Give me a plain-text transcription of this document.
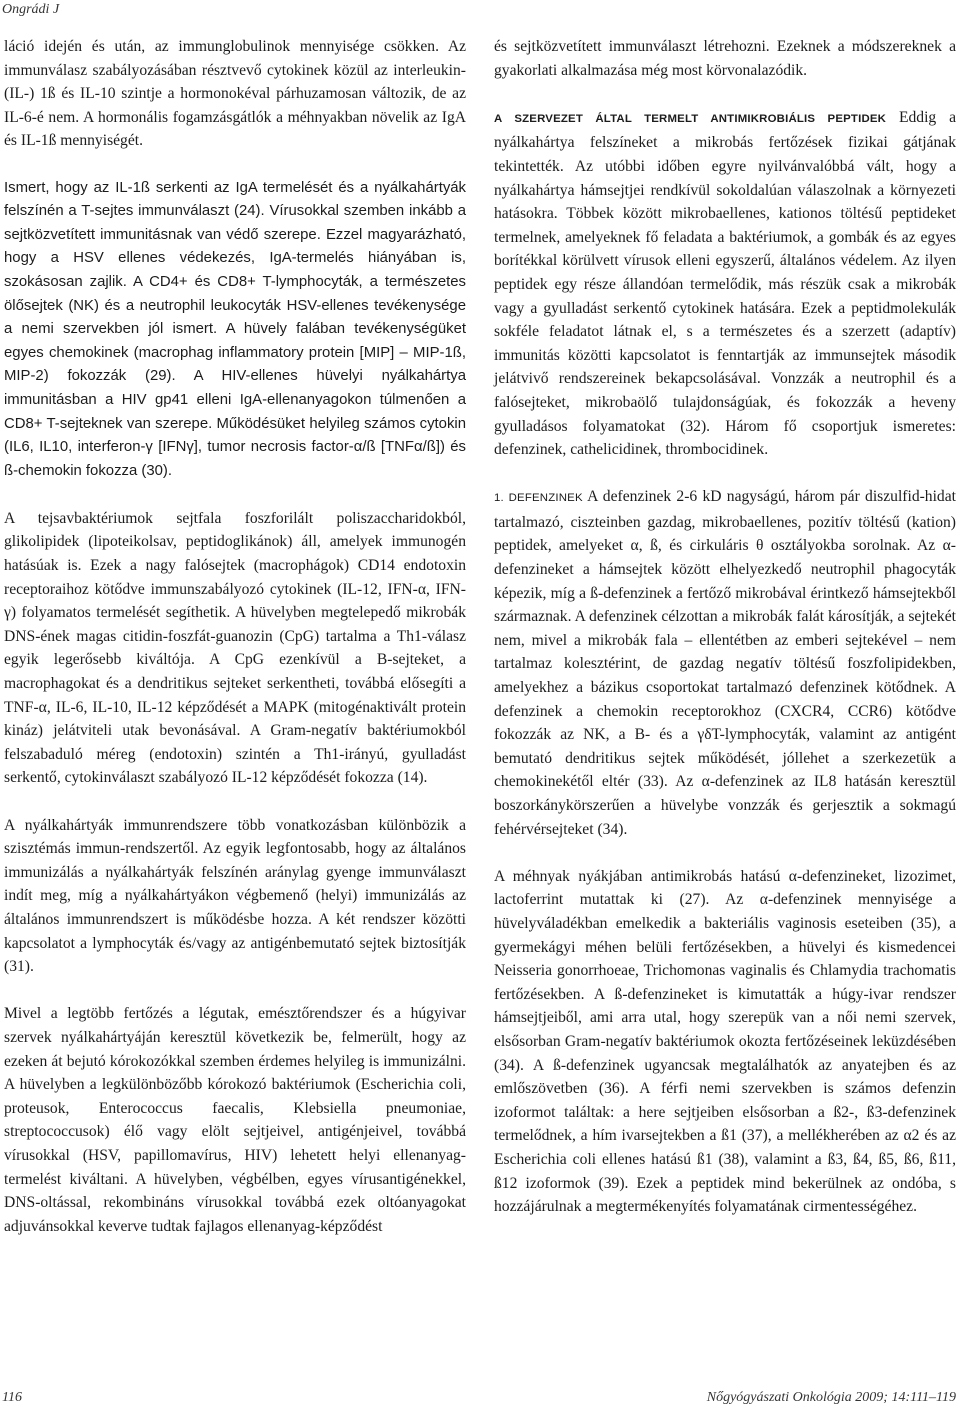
Ongrádi J

láció idején és után, az immunglobulinok mennyisége csökken. Az immunválasz szabályozásában résztvevő cytokinek közül az interleukin- (IL-) 1ß és IL-10 szintje a hormonokéval párhuzamosan változik, de az IL-6-é nem. A hormonális fogamzásgátlók a méhnyakban növelik az IgA és IL-1ß mennyiségét.

Ismert, hogy az IL-1ß serkenti az IgA termelését és a nyálkahártyák felszínén a T-sejtes immunválaszt (24). Vírusokkal szemben inkább a sejtközvetített immunitásnak van védő szerepe. Ezzel magyarázható, hogy a HSV ellenes védekezés, IgA-termelés hiányában is, szokásosan zajlik. A CD4+ és CD8+ T-lymphocyták, a természetes ölősejtek (NK) és a neutrophil leukocyták HSV-ellenes tevékenysége a nemi szervekben jól ismert. A hüvely falában tevékenységüket egyes chemokinek (macrophag inflammatory protein [MIP] – MIP-1ß, MIP-2) fokozzák (29). A HIV-ellenes hüvelyi nyálkahártya immunitásban a HIV gp41 elleni IgA-ellenanyagokon túlmenően a CD8+ T-sejteknek van szerepe. Működésüket helyileg számos cytokin (IL6, IL10, interferon-γ [IFNγ], tumor necrosis factor-α/ß [TNFα/ß]) és ß-chemokin fokozza (30).

A tejsavbaktériumok sejtfala foszforilált poliszaccharidokból, glikolipidek (lipoteikolsav, peptidoglikánok) áll, amelyek immunogén hatásúak is. Ezek a nagy falósejtek (macrophágok) CD14 endotoxin receptoraihoz kötődve immunszabályozó cytokinek (IL-12, IFN-α, IFN-γ) folyamatos termelését segíthetik. A hüvelyben megtelepedő mikrobák DNS-ének magas citidin-foszfát-guanozin (CpG) tartalma a Th1-válasz egyik legerősebb kiváltója. A CpG ezenkívül a B-sejteket, a macrophagokat és a dendritikus sejteket serkentheti, továbbá elősegíti a TNF-α, IL-6, IL-10, IL-12 képződését a MAPK (mitogénaktivált protein kináz) jelátviteli utak bevonásával. A Gram-negatív baktériumokból felszabaduló méreg (endotoxin) szintén a Th1-irányú, gyulladást serkentő, cytokinválaszt szabályozó IL-12 képződését fokozza (14).

A nyálkahártyák immunrendszere több vonatkozásban különbözik a szisztémás immun-rendszertől. Az egyik legfontosabb, hogy az általános immunizálás a nyálkahártyák felszínén aránylag gyenge immunválaszt indít meg, míg a nyálkahártyákon végbemenő (helyi) immunizálás az általános immunrendszert is működésbe hozza. A két rendszer közötti kapcsolatot a lymphocyták és/vagy az antigénbemutató sejtek biztosítják (31).

Mivel a legtöbb fertőzés a légutak, emésztőrendszer és a húgyivar szervek nyálkahártyáján keresztül következik be, felmerült, hogy az ezeken át bejutó kórokozókkal szemben érdemes helyileg is immunizálni. A hüvelyben a legkülönbözőbb kórokozó baktériumok (Escherichia coli, proteusok, Enterococcus faecalis, Klebsiella pneumoniae, streptococcusok) élő vagy elölt sejtjeivel, antigénjeivel, továbbá vírusokkal (HSV, papillomavírus, HIV) lehetett helyi ellenanyag-termelést kiváltani. A hüvelyben, végbélben, egyes vírusantigénekkel, DNS-oltással, rekombináns vírusokkal továbbá ezek oltóanyagokat adjuvánsokkal keverve tudtak fajlagos ellenanyag-képződést

és sejtközvetített immunválaszt létrehozni. Ezeknek a módszereknek a gyakorlati alkalmazása még most körvonalazódik.

A SZERVEZET ÁLTAL TERMELT ANTIMIKROBIÁLIS PEPTIDEK Eddig a nyálkahártya felszíneket a mikrobás fertőzések fizikai gátjának tekintették. Az utóbbi időben egyre nyilvánvalóbbá vált, hogy a nyálkahártya hámsejtjei rendkívül sokoldalúan válaszolnak a környezeti hatásokra. Többek között mikrobaellenes, kationos töltésű peptideket termelnek, amelyeknek fő feladata a baktériumok, a gombák és az egyes borítékkal körülvett vírusok elleni egyszerű, általános védelem. Az ilyen peptidek egy része állandóan termelődik, más részük csak a mikrobák vagy a gyulladást serkentő cytokinek hatására. Ezek a peptidmolekulák sokféle feladatot látnak el, s a természetes és a szerzett (adaptív) immunitás közötti kapcsolatot is fenntartják az immunsejtek második jelátvivő rendszereinek bekapcsolásával. Vonzzák a neutrophil és a falósejteket, mikrobaölő tulajdonságúak, és fokozzák a heveny gyulladásos folyamatokat (32). Három fő csoportjuk ismeretes: defenzinek, cathelicidinek, thrombocidinek.

1. DEFENZINEK A defenzinek 2-6 kD nagyságú, három pár diszulfid-hidat tartalmazó, ciszteinben gazdag, mikrobaellenes, pozitív töltésű (kation) peptidek, amelyeket α, ß, és cirkuláris θ osztályokba sorolnak. Az α-defenzineket a hámsejtek között elhelyezkedő neutrophil phagocyták képezik, míg a ß-defenzinek a fertőző mikrobával érintkező hámsejtekből származnak. A defenzinek célzottan a mikrobák falát károsítják, a sejtekét nem, mivel a mikrobák fala – ellentétben az emberi sejtekével – nem tartalmaz kolesztérint, de gazdag negatív töltésű foszfolipidekben, amelyekhez a bázikus csoportokat tartalmazó defenzinek kötődnek. A defenzinek a chemokin receptorokhoz (CXCR4, CCR6) kötődve fokozzák az NK, a B- és a γδT-lymphocyták, valamint az antigént bemutató dendritikus sejtek működését, jóllehet a szerkezetük a chemokinekétől eltér (33). Az α-defenzinek az IL8 hatásán keresztül boszorkánykörszerűen a hüvelybe vonzzák és gerjesztik a sokmagú fehérvérsejteket (34).

A méhnyak nyákjában antimikrobás hatású α-defenzineket, lizozimet, lactoferrint mutattak ki (27). Az α-defenzinek mennyisége a hüvelyváladékban emelkedik a bakteriális vaginosis eseteiben (35), a gyermekágyi méhen belüli fertőzésekben, a hüvelyi és kismedencei Neisseria gonorrhoeae, Trichomonas vaginalis és Chlamydia trachomatis fertőzésekben. A ß-defenzineket is kimutatták a húgy-ivar rendszer hámsejtjeiből, ami arra utal, hogy szerepük van a női nemi szervek, elsősorban Gram-negatív baktériumok okozta fertőzéseinek leküzdésében (34). A ß-defenzinek ugyancsak megtalálhatók az anyatejben és az emlőszövetben (36). A férfi nemi szervekben is számos defenzin izoformot találtak: a here sejtjeiben elsősorban a ß2-, ß3-defenzinek termelődnek, a hím ivarsejtekben a ß1 (37), a mellékherében az α2 és az Escherichia coli ellenes hatású ß1 (38), valamint a ß3, ß4, ß5, ß6, ß11, ß12 izoformok (39). Ezek a peptidek mind bekerülnek az ondóba, s hozzájárulnak a megtermékenyítés folyamatának cirmentességéhez.

116	Nőgyógyászati Onkológia 2009; 14:111–119
